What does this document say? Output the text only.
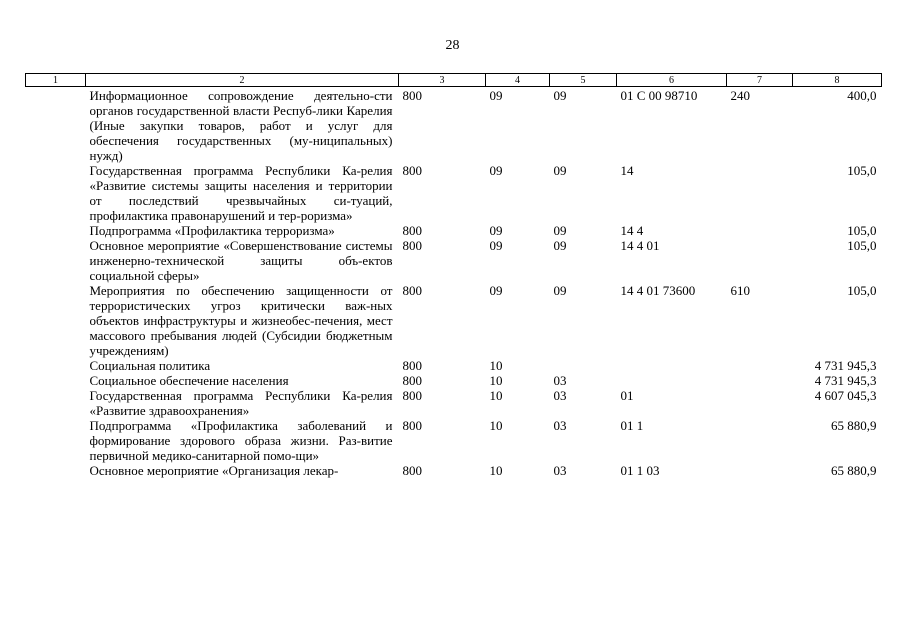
28
1	2	3	4	5	6	7	8
	Информационное сопровождение деятельно-сти органов государственной власти Респуб-лики Карелия (Иные закупки товаров, работ и услуг для обеспечения государственных (му-ниципальных) нужд)	800	09	09	01 С 00 98710	240	400,0
	Государственная программа Республики Ка-релия «Развитие системы защиты населения и территории от последствий чрезвычайных си-туаций, профилактика правонарушений и тер-роризма»	800	09	09	14		105,0
	Подпрограмма «Профилактика терроризма»	800	09	09	14 4		105,0
	Основное мероприятие «Совершенствование системы инженерно-технической защиты объ-ектов социальной сферы»	800	09	09	14 4 01		105,0
	Мероприятия по обеспечению защищенности от террористических угроз критически важ-ных объектов инфраструктуры и жизнеобес-печения, мест массового пребывания людей (Субсидии бюджетным учреждениям)	800	09	09	14 4 01 73600	610	105,0
	Социальная политика	800	10				4 731 945,3
	Социальное обеспечение населения	800	10	03			4 731 945,3
	Государственная программа Республики Ка-релия «Развитие здравоохранения»	800	10	03	01		4 607 045,3
	Подпрограмма «Профилактика заболеваний и формирование здорового образа жизни. Раз-витие первичной медико-санитарной помо-щи»	800	10	03	01 1		65 880,9
	Основное мероприятие «Организация лекар-	800	10	03	01 1 03		65 880,9
